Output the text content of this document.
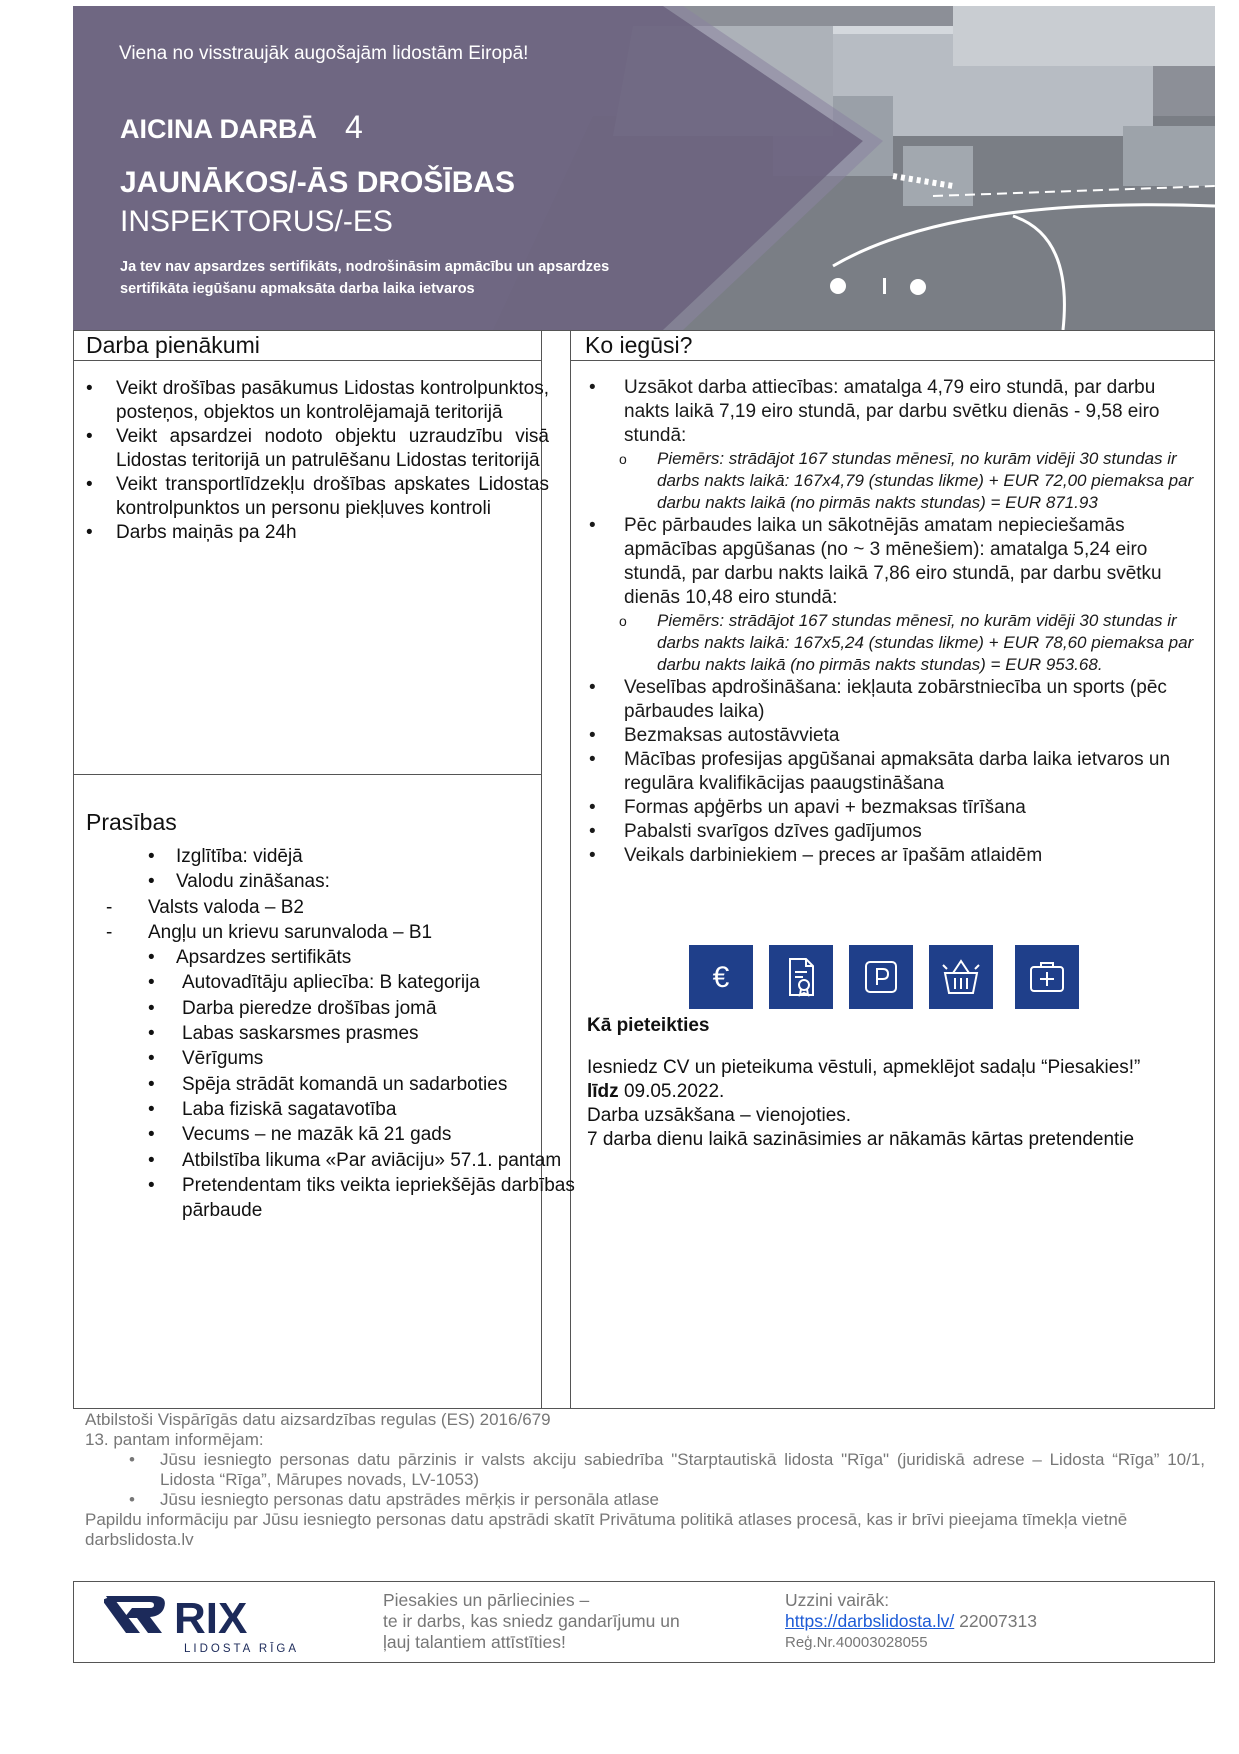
Viena no visstraujāk augošajām lidostām Eiropā!
AICINA DARBĀ 4
JAUNĀKOS/-ĀS DROŠĪBAS
INSPEKTORUS/-ES
Ja tev nav apsardzes sertifikāts, nodrošināsim apmācību un apsardzes sertifikāta iegūšanu apmaksāta darba laika ietvaros
Darba pienākumi	Ko iegūsi?
• Veikt drošības pasākumus Lidostas kontrolpunktos, posteņos, objektos un kontrolējamajā teritorijā
• Veikt apsardzei nodoto objektu uzraudzību visā Lidostas teritorijā un patrulēšanu Lidostas teritorijā
• Veikt transportlīdzekļu drošības apskates Lidostas kontrolpunktos un personu piekļuves kontroli
• Darbs maiņās pa 24h
Prasības
• Izglītība: vidējā
• Valodu zināšanas:
- Valsts valoda – B2
- Angļu un krievu sarunvaloda – B1
• Apsardzes sertifikāts
• Autovadītāju apliecība: B kategorija
• Darba pieredze drošības jomā
• Labas saskarsmes prasmes
• Vērīgums
• Spēja strādāt komandā un sadarboties
• Laba fiziskā sagatavotība
• Vecums – ne mazāk kā 21 gads
• Atbilstība likuma «Par aviāciju» 57.1. pantam
• Pretendentam tiks veikta iepriekšējās darbības pārbaude
• Uzsākot darba attiecības: amatalga 4,79 eiro stundā, par darbu nakts laikā 7,19 eiro stundā, par darbu svētku dienās - 9,58 eiro stundā:
o Piemērs: strādājot 167 stundas mēnesī, no kurām vidēji 30 stundas ir darbs nakts laikā: 167x4,79 (stundas likme) + EUR 72,00 piemaksa par darbu nakts laikā (no pirmās nakts stundas) = EUR 871.93
• Pēc pārbaudes laika un sākotnējās amatam nepieciešamās apmācības apgūšanas (no ~ 3 mēnešiem): amatalga 5,24 eiro stundā, par darbu nakts laikā 7,86 eiro stundā, par darbu svētku dienās 10,48 eiro stundā:
o Piemērs: strādājot 167 stundas mēnesī, no kurām vidēji 30 stundas ir darbs nakts laikā: 167x5,24 (stundas likme) + EUR 78,60 piemaksa par darbu nakts laikā (no pirmās nakts stundas) = EUR 953.68.
• Veselības apdrošināšana: iekļauta zobārstniecība un sports (pēc pārbaudes laika)
• Bezmaksas autostāvvieta
• Mācības profesijas apgūšanai apmaksāta darba laika ietvaros un regulāra kvalifikācijas paaugstināšana
• Formas apģērbs un apavi + bezmaksas tīrīšana
• Pabalsti svarīgos dzīves gadījumos
• Veikals darbiniekiem – preces ar īpašām atlaidēm
€
Kā pieteikties
Iesniedz CV un pieteikuma vēstuli, apmeklējot sadaļu “Piesakies!” līdz 09.05.2022.
Darba uzsākšana – vienojoties.
7 darba dienu laikā sazināsimies ar nākamās kārtas pretendentie
Atbilstoši Vispārīgās datu aizsardzības regulas (ES) 2016/679
13. pantam informējam:
• Jūsu iesniegto personas datu pārzinis ir valsts akciju sabiedrība "Starptautiskā lidosta "Rīga" (juridiskā adrese – Lidosta “Rīga” 10/1, Lidosta “Rīga”, Mārupes novads, LV-1053)
• Jūsu iesniegto personas datu apstrādes mērķis ir personāla atlase
Papildu informāciju par Jūsu iesniegto personas datu apstrādi skatīt Privātuma politikā atlases procesā, kas ir brīvi pieejama tīmekļa vietnē darbslidosta.lv
RIX
LIDOSTA RĪGA
Piesakies un pārliecinies –
te ir darbs, kas sniedz gandarījumu un
ļauj talantiem attīstīties!
Uzzini vairāk:
https://darbslidosta.lv/ 22007313
Reģ.Nr.40003028055
